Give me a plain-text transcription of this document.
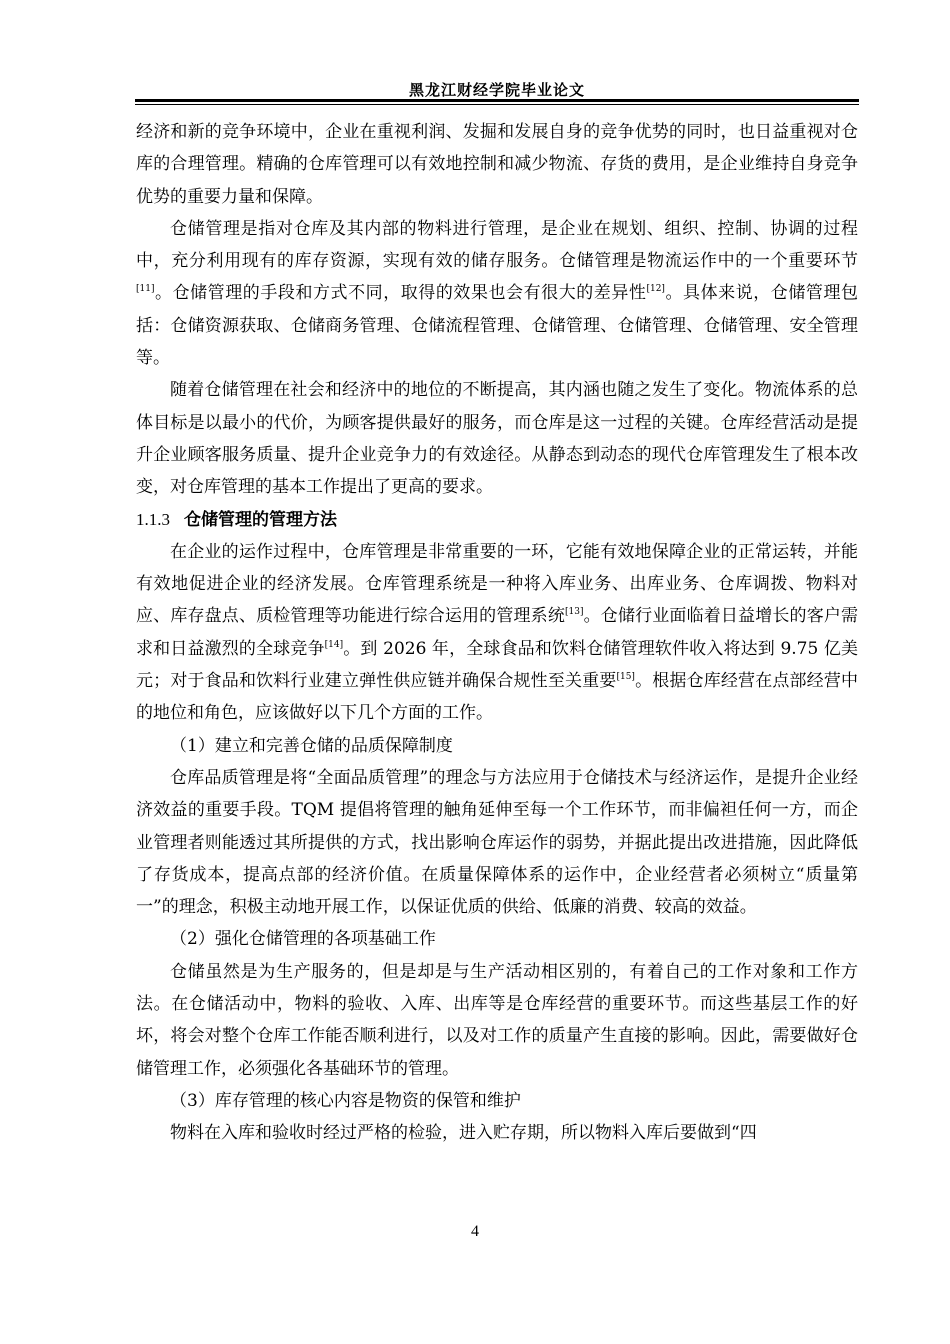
黑龙江财经学院毕业论文

经济和新的竞争环境中，企业在重视利润、发掘和发展自身的竞争优势的同时，也日益重视对仓库的合理管理。精确的仓库管理可以有效地控制和减少物流、存货的费用，是企业维持自身竞争优势的重要力量和保障。

仓储管理是指对仓库及其内部的物料进行管理，是企业在规划、组织、控制、协调的过程中，充分利用现有的库存资源，实现有效的储存服务。仓储管理是物流运作中的一个重要环节[11]。仓储管理的手段和方式不同，取得的效果也会有很大的差异性[12]。具体来说，仓储管理包括：仓储资源获取、仓储商务管理、仓储流程管理、仓储管理、仓储管理、仓储管理、安全管理等。

随着仓储管理在社会和经济中的地位的不断提高，其内涵也随之发生了变化。物流体系的总体目标是以最小的代价，为顾客提供最好的服务，而仓库是这一过程的关键。仓库经营活动是提升企业顾客服务质量、提升企业竞争力的有效途径。从静态到动态的现代仓库管理发生了根本改变，对仓库管理的基本工作提出了更高的要求。

1.1.3 仓储管理的管理方法

在企业的运作过程中，仓库管理是非常重要的一环，它能有效地保障企业的正常运转，并能有效地促进企业的经济发展。仓库管理系统是一种将入库业务、出库业务、仓库调拨、物料对应、库存盘点、质检管理等功能进行综合运用的管理系统[13]。仓储行业面临着日益增长的客户需求和日益激烈的全球竞争[14]。到 2026 年，全球食品和饮料仓储管理软件收入将达到 9.75 亿美元；对于食品和饮料行业建立弹性供应链并确保合规性至关重要[15]。根据仓库经营在点部经营中的地位和角色，应该做好以下几个方面的工作。

（1）建立和完善仓储的品质保障制度

仓库品质管理是将“全面品质管理”的理念与方法应用于仓储技术与经济运作，是提升企业经济效益的重要手段。TQM 提倡将管理的触角延伸至每一个工作环节，而非偏袒任何一方，而企业管理者则能透过其所提供的方式，找出影响仓库运作的弱势，并据此提出改进措施，因此降低了存货成本，提高点部的经济价值。在质量保障体系的运作中，企业经营者必须树立“质量第一”的理念，积极主动地开展工作，以保证优质的供给、低廉的消费、较高的效益。

（2）强化仓储管理的各项基础工作

仓储虽然是为生产服务的，但是却是与生产活动相区别的，有着自己的工作对象和工作方法。在仓储活动中，物料的验收、入库、出库等是仓库经营的重要环节。而这些基层工作的好坏，将会对整个仓库工作能否顺利进行，以及对工作的质量产生直接的影响。因此，需要做好仓储管理工作，必须强化各基础环节的管理。

（3）库存管理的核心内容是物资的保管和维护

物料在入库和验收时经过严格的检验，进入贮存期，所以物料入库后要做到“四

4
